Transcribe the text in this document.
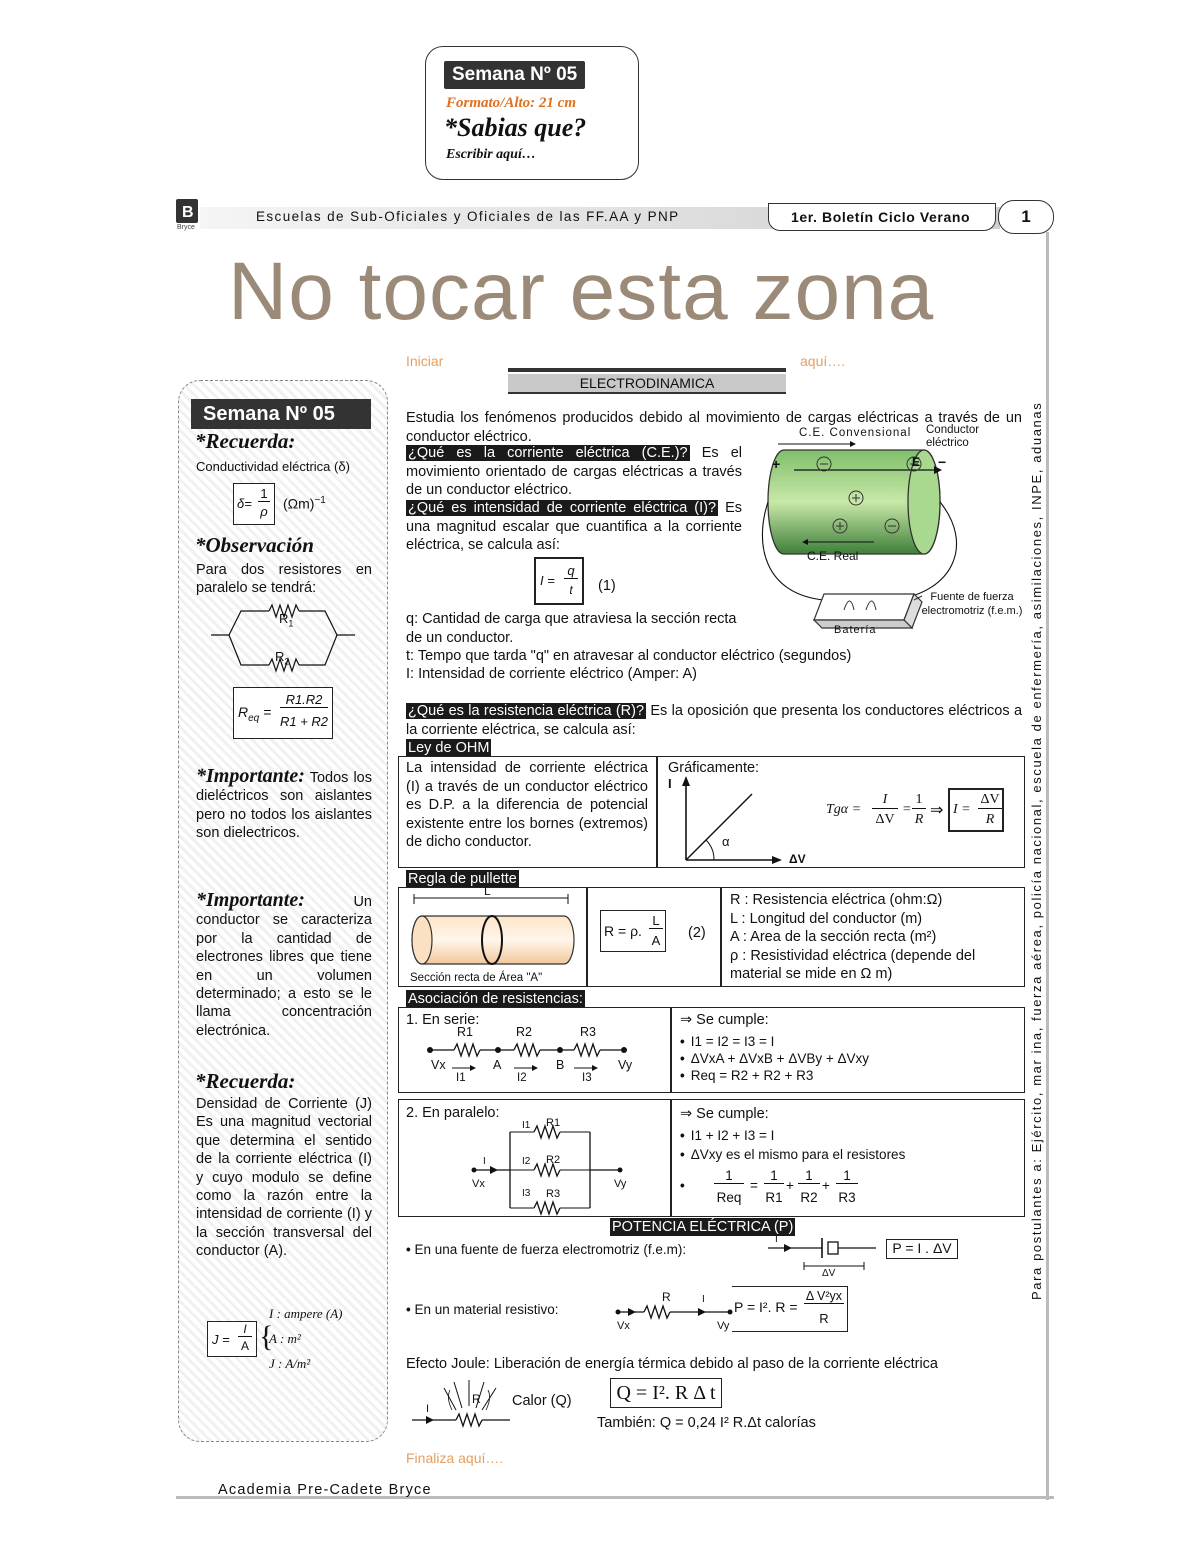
Semana Nº 05
Formato/Alto: 21 cm
*Sabias que?
Escribir aquí…
B
Bryce
Escuelas de Sub-Oficiales y Oficiales de las FF.AA y PNP	1er. Boletín Ciclo Verano	1
No tocar esta zona
Para postulantes a: Ejército, mar ina, fuerza aérea, policía nacional, escuela de enfermería, asimilaciones, INPE, aduanas
Iniciar	aquí….
Semana Nº 05
*Recuerda:
Conductividad eléctrica (δ)
δ=
1
ρ $(\Omega m)^{-1}$
*Observación
Para dos resistores en paralelo se tendrá:
$R_1$
$R_2$
$R_{eq}$ =
R1.R2
R1 + R2
*Importante: Todos los dieléctricos son aislantes pero no todos los aislantes son dielectricos.
*Importante:	Un conductor se caracteriza por la cantidad de electrones libres que tiene en un volumen determinado; a esto se le llama concentración electrónica.
*Recuerda:
Densidad de Corriente (J) Es una magnitud vectorial que determina el sentido de la corriente eléctrica (I) y cuyo modulo se define como la razón entre la intensidad de corriente (I) y la sección transversal del conductor (A).
J =
I
A {
I : ampere (A)
A : m²
J : A/m²
ELECTRODINAMICA
Estudia los fenómenos producidos debido al movimiento de cargas eléctricas a través de un conductor eléctrico.
¿Qué es la corriente eléctrica (C.E.)? Es el movimiento orientado de cargas eléctricas a través de un conductor eléctrico.
¿Qué es intensidad de corriente eléctrica (I)? Es una magnitud escalar que cuantifica a la corriente eléctrica, se calcula así:
I =
q
t	(1)
q: Cantidad de carga que atraviesa la sección recta de un conductor.
t: Tempo que tarda "q" en atravesar al conductor eléctrico (segundos)
I: Intensidad de corriente eléctrico (Amper: A)
C.E. Convensional Conductor eléctrico
C.E. Real
Batería
Fuente de fuerza electromotriz (f.e.m.)
E
+	−
¿Qué es la resistencia eléctrica (R)? Es la oposición que presenta los conductores eléctricos a la corriente eléctrica, se calcula así:
Ley de OHM
La intensidad de corriente eléctrica (I) a través de un conductor eléctrico es D.P. a la diferencia de potencial existente entre los bornes (extremos) de dicho conductor.
Gráficamente:
I
ΔV
α
Tgα =
I
ΔV
=
1
R
⇒ I =
ΔV
R
Regla de pullette
L
Sección recta de Área "A"
R = ρ.
L
A (2)
R : Resistencia eléctrica (ohm:Ω)
L : Longitud del conductor (m)
A : Area de la sección recta (m²)
ρ : Resistividad eléctrica (depende del material se mide en Ω m)
Asociación de resistencias:
1. En serie:
R1	R2	R3
Vx	A	B	Vy
I1	I2	I3
⇒ Se cumple:
• I1 = I2 = I3 = I
• ΔVxA + ΔVxB + ΔVBy + ΔVxy
• Req = R2 + R2 + R3
2. En paralelo:
I1 R1
I2 R2
I3 R3
I
Vx	Vy
⇒ Se cumple:
• I1 + I2 + I3 = I
• ΔVxy es el mismo para el resistores
•
1
Req
=
1
R1
+
1
R2
+
1
R3
POTENCIA ELÉCTRICA (P)
• En una fuente de fuerza electromotriz (f.e.m):
I
ΔV
P = I . ΔV
• En un material resistivo:
R	I
Vx	Vy
P = I². R =
Δ V²yx
R
Efecto Joule: Liberación de energía térmica debido al paso de la corriente eléctrica
R
I	Calor (Q)	Q = I². R Δ t
También: Q = 0,24 I² R.Δt calorías
Finaliza aquí….
Academia Pre-Cadete Bryce
